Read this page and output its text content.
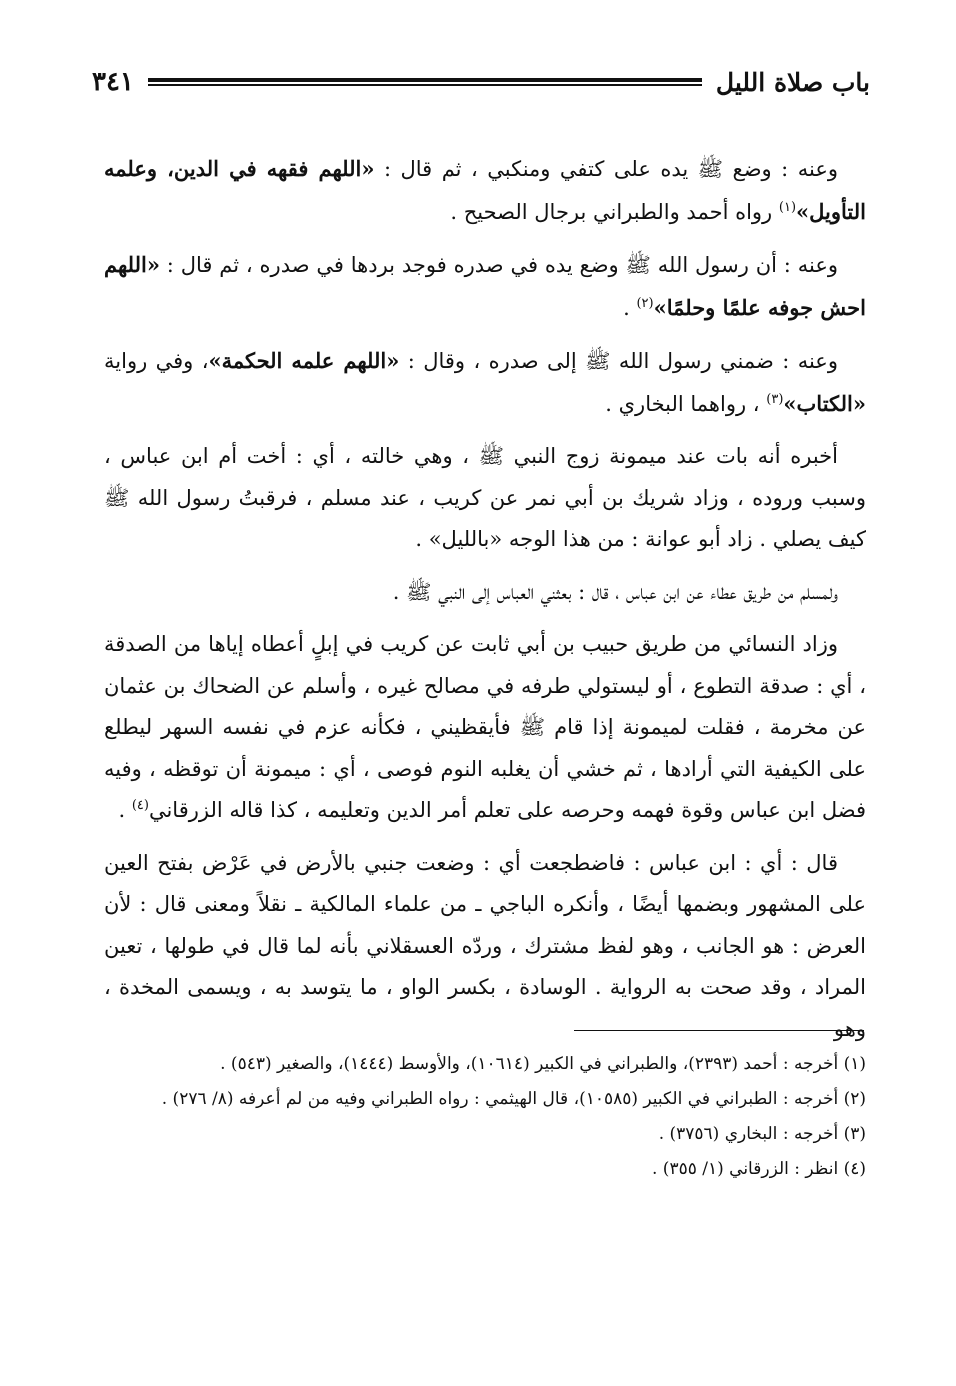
باب صلاة الليل
٣٤١

وعنه : وضع ﷺ يده على كتفي ومنكبي ، ثم قال : «اللهم فقهه في الدين، وعلمه التأويل»$^{(١)}$ رواه أحمد والطبراني برجال الصحيح .

وعنه : أن رسول الله ﷺ وضع يده في صدره فوجد بردها في صدره ، ثم قال : «اللهم احش جوفه علمًا وحلمًا»$^{(٢)}$ .

وعنه : ضمني رسول الله ﷺ إلى صدره ، وقال : «اللهم علمه الحكمة»، وفي رواية «الكتاب»$^{(٣)}$ ، رواهما البخاري .

أخبره أنه بات عند ميمونة زوج النبي ﷺ ، وهي خالته ، أي : أخت أم ابن عباس ، وسبب وروده ، وزاد شريك بن أبي نمر عن كريب ، عند مسلم ، فرقبتُ رسول الله ﷺ كيف يصلي . زاد أبو عوانة : من هذا الوجه «بالليل» .

ولمسلم من طريق عطاء عن ابن عباس ، قال : بعثني العباس إلى النبي ﷺ .

وزاد النسائي من طريق حبيب بن أبي ثابت عن كريب في إبلٍ أعطاه إياها من الصدقة ، أي : صدقة التطوع ، أو ليستولي طرفه في مصالح غيره ، وأسلم عن الضحاك بن عثمان عن مخرمة ، فقلت لميمونة إذا قام ﷺ فأيقظيني ، فكأنه عزم في نفسه السهر ليطلع على الكيفية التي أرادها ، ثم خشي أن يغلبه النوم فوصى ، أي : ميمونة أن توقظه ، وفيه فضل ابن عباس وقوة فهمه وحرصه على تعلم أمر الدين وتعليمه ، كذا قاله الزرقاني$^{(٤)}$ .

قال : أي : ابن عباس : فاضطجعت أي : وضعت جنبي بالأرض في عَرْض بفتح العين على المشهور وبضمها أيضًا ، وأنكره الباجي ـ من علماء المالكية ـ نقلاً ومعنى قال : لأن العرض : هو الجانب ، وهو لفظ مشترك ، وردّه العسقلاني بأنه لما قال في طولها ، تعين المراد ، وقد صحت به الرواية . الوسادة ، بكسر الواو ، ما يتوسد به ، ويسمى المخدة ، وهو

(١) أخرجه : أحمد (٢٣٩٣)، والطبراني في الكبير (١٠٦١٤)، والأوسط (١٤٤٤)، والصغير (٥٤٣) .
(٢) أخرجه : الطبراني في الكبير (١٠٥٨٥)، قال الهيثمي : رواه الطبراني وفيه من لم أعرفه (٨/ ٢٧٦) .
(٣) أخرجه : البخاري (٣٧٥٦) .
(٤) انظر : الزرقاني (١/ ٣٥٥) .
